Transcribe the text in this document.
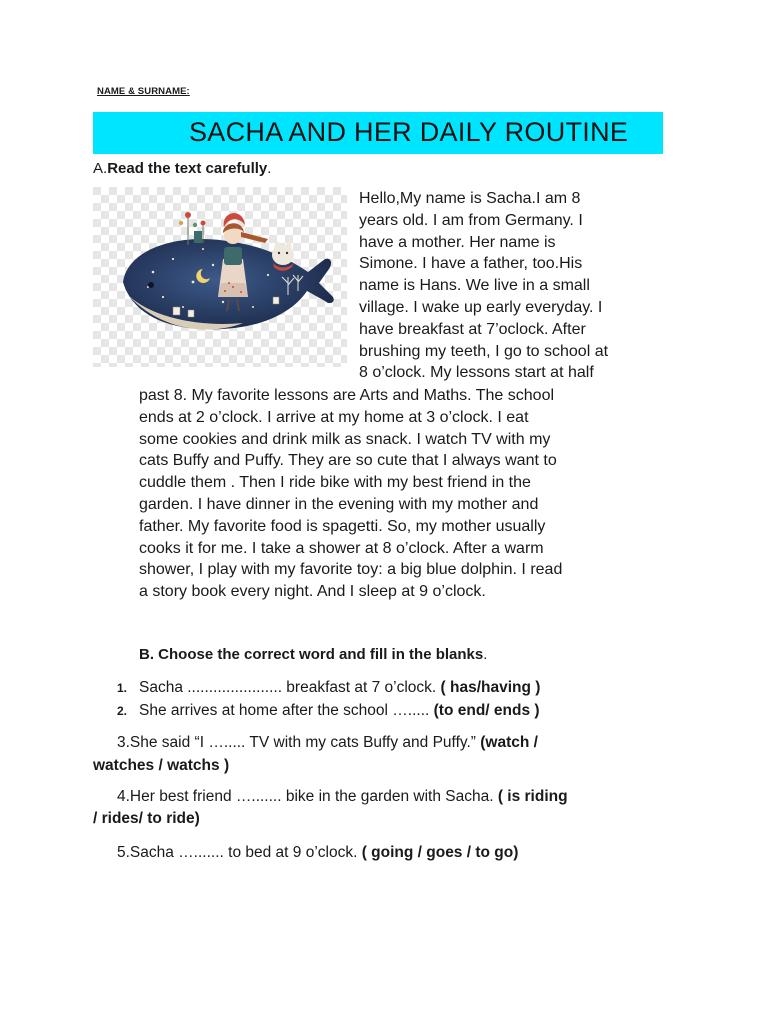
NAME & SURNAME:
SACHA AND HER DAILY ROUTINE
A.Read the text carefully.
Hello,My name is Sacha.I am 8
years old. I am from Germany. I
have a mother. Her name is
Simone. I have a father, too.His
name is Hans. We live in a small
village. I wake up early everyday. I
have breakfast at 7’oclock. After
brushing my teeth, I go to school at
8 o’clock. My lessons start at half
past 8. My favorite lessons are Arts and Maths. The school
ends at 2 o’clock. I arrive at my home at 3 o’clock. I eat
some cookies and drink milk as snack. I watch TV with my
cats Buffy and Puffy. They are so cute that I always want to
cuddle them . Then I ride bike with my best friend in the
garden. I have dinner in the evening with my mother and
father. My favorite food is spagetti. So, my mother usually
cooks it for me. I take a shower at 8 o’clock. After a warm
shower, I play with my favorite toy: a big blue dolphin. I read
a story book every night. And I sleep at 9 o’clock.
B. Choose the correct word and fill in the blanks.
1. Sacha ...................... breakfast at 7 o’clock. ( has/having )
2. She arrives at home after the school …..... (to end/ ends )
3.She said “I …..... TV with my cats Buffy and Puffy.” (watch /
watches / watchs )
4.Her best friend …....... bike in the garden with Sacha. ( is riding
/ rides/ to ride)
5.Sacha …....... to bed at 9 o’clock. ( going / goes / to go)
